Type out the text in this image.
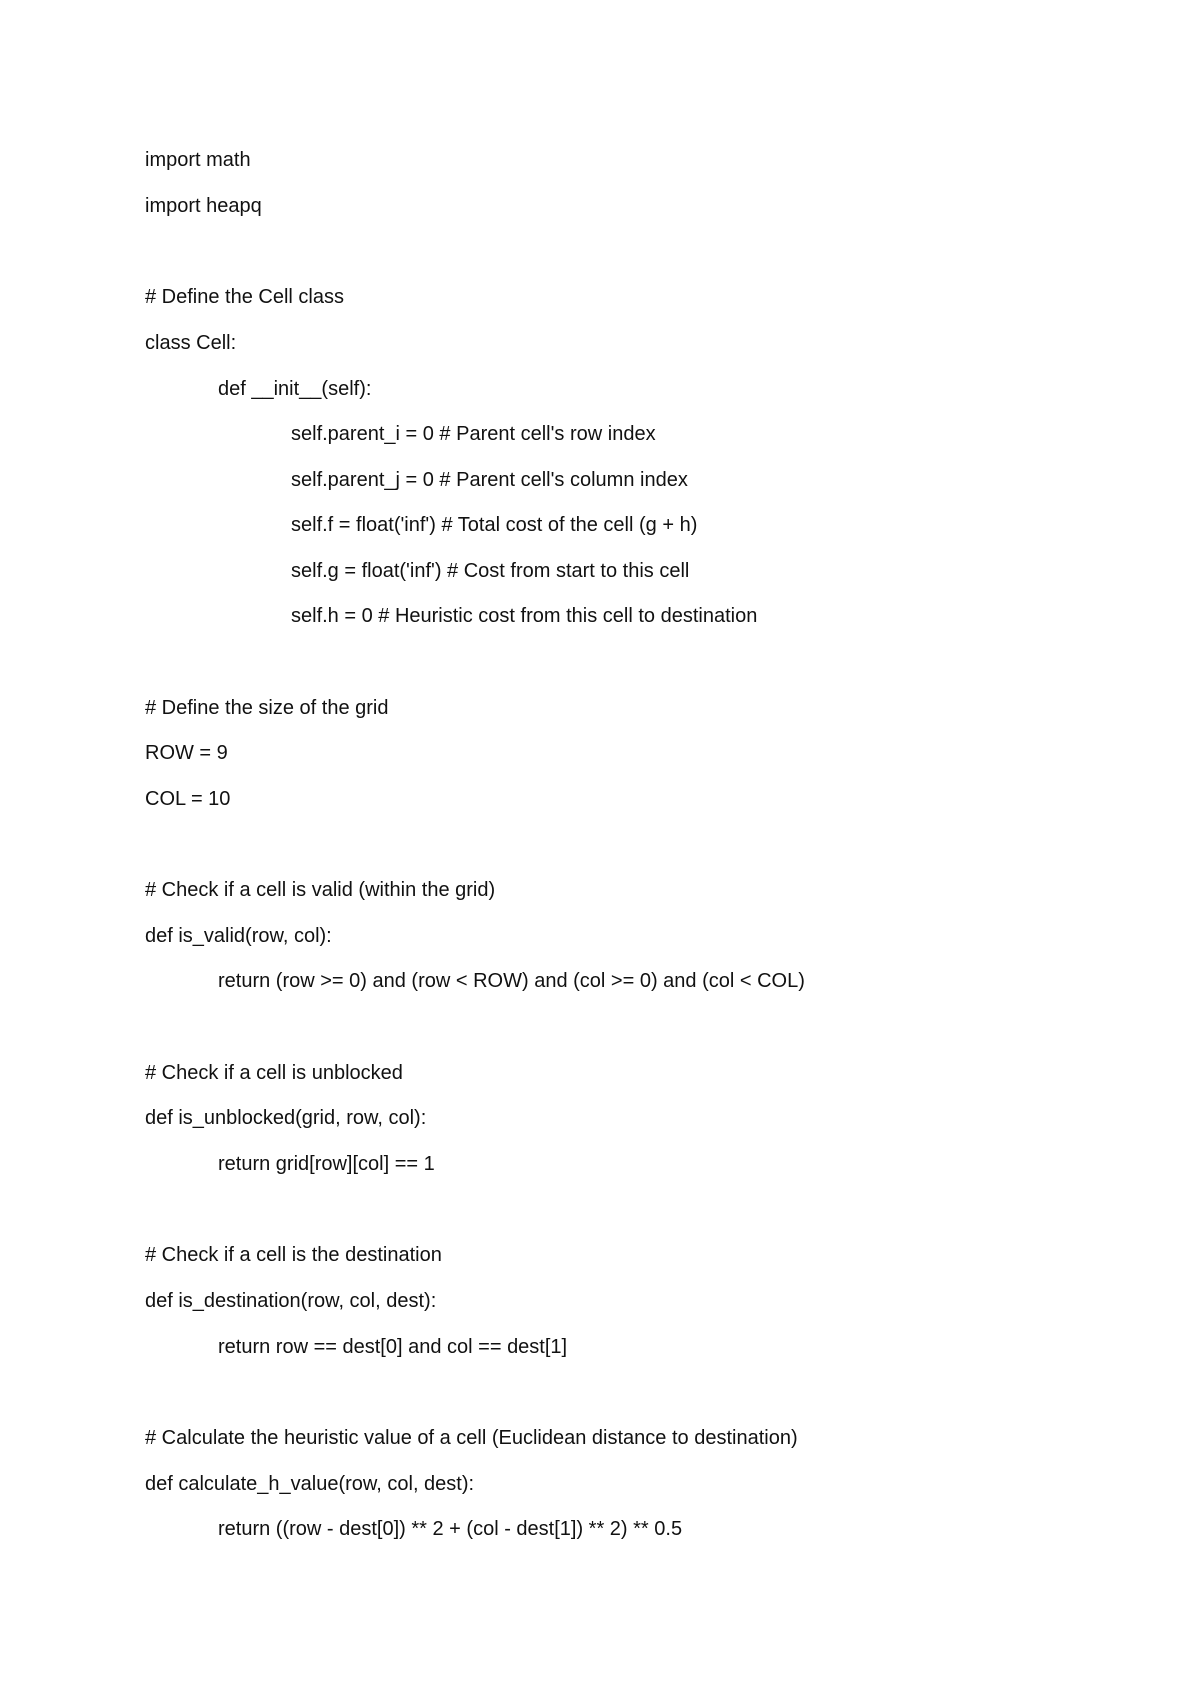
import math
import heapq
# Define the Cell class
class Cell:
def __init__(self):
self.parent_i = 0 # Parent cell's row index
self.parent_j = 0 # Parent cell's column index
self.f = float('inf') # Total cost of the cell (g + h)
self.g = float('inf') # Cost from start to this cell
self.h = 0 # Heuristic cost from this cell to destination
# Define the size of the grid
ROW = 9
COL = 10
# Check if a cell is valid (within the grid)
def is_valid(row, col):
return (row >= 0) and (row < ROW) and (col >= 0) and (col < COL)
# Check if a cell is unblocked
def is_unblocked(grid, row, col):
return grid[row][col] == 1
# Check if a cell is the destination
def is_destination(row, col, dest):
return row == dest[0] and col == dest[1]
# Calculate the heuristic value of a cell (Euclidean distance to destination)
def calculate_h_value(row, col, dest):
return ((row - dest[0]) ** 2 + (col - dest[1]) ** 2) ** 0.5
